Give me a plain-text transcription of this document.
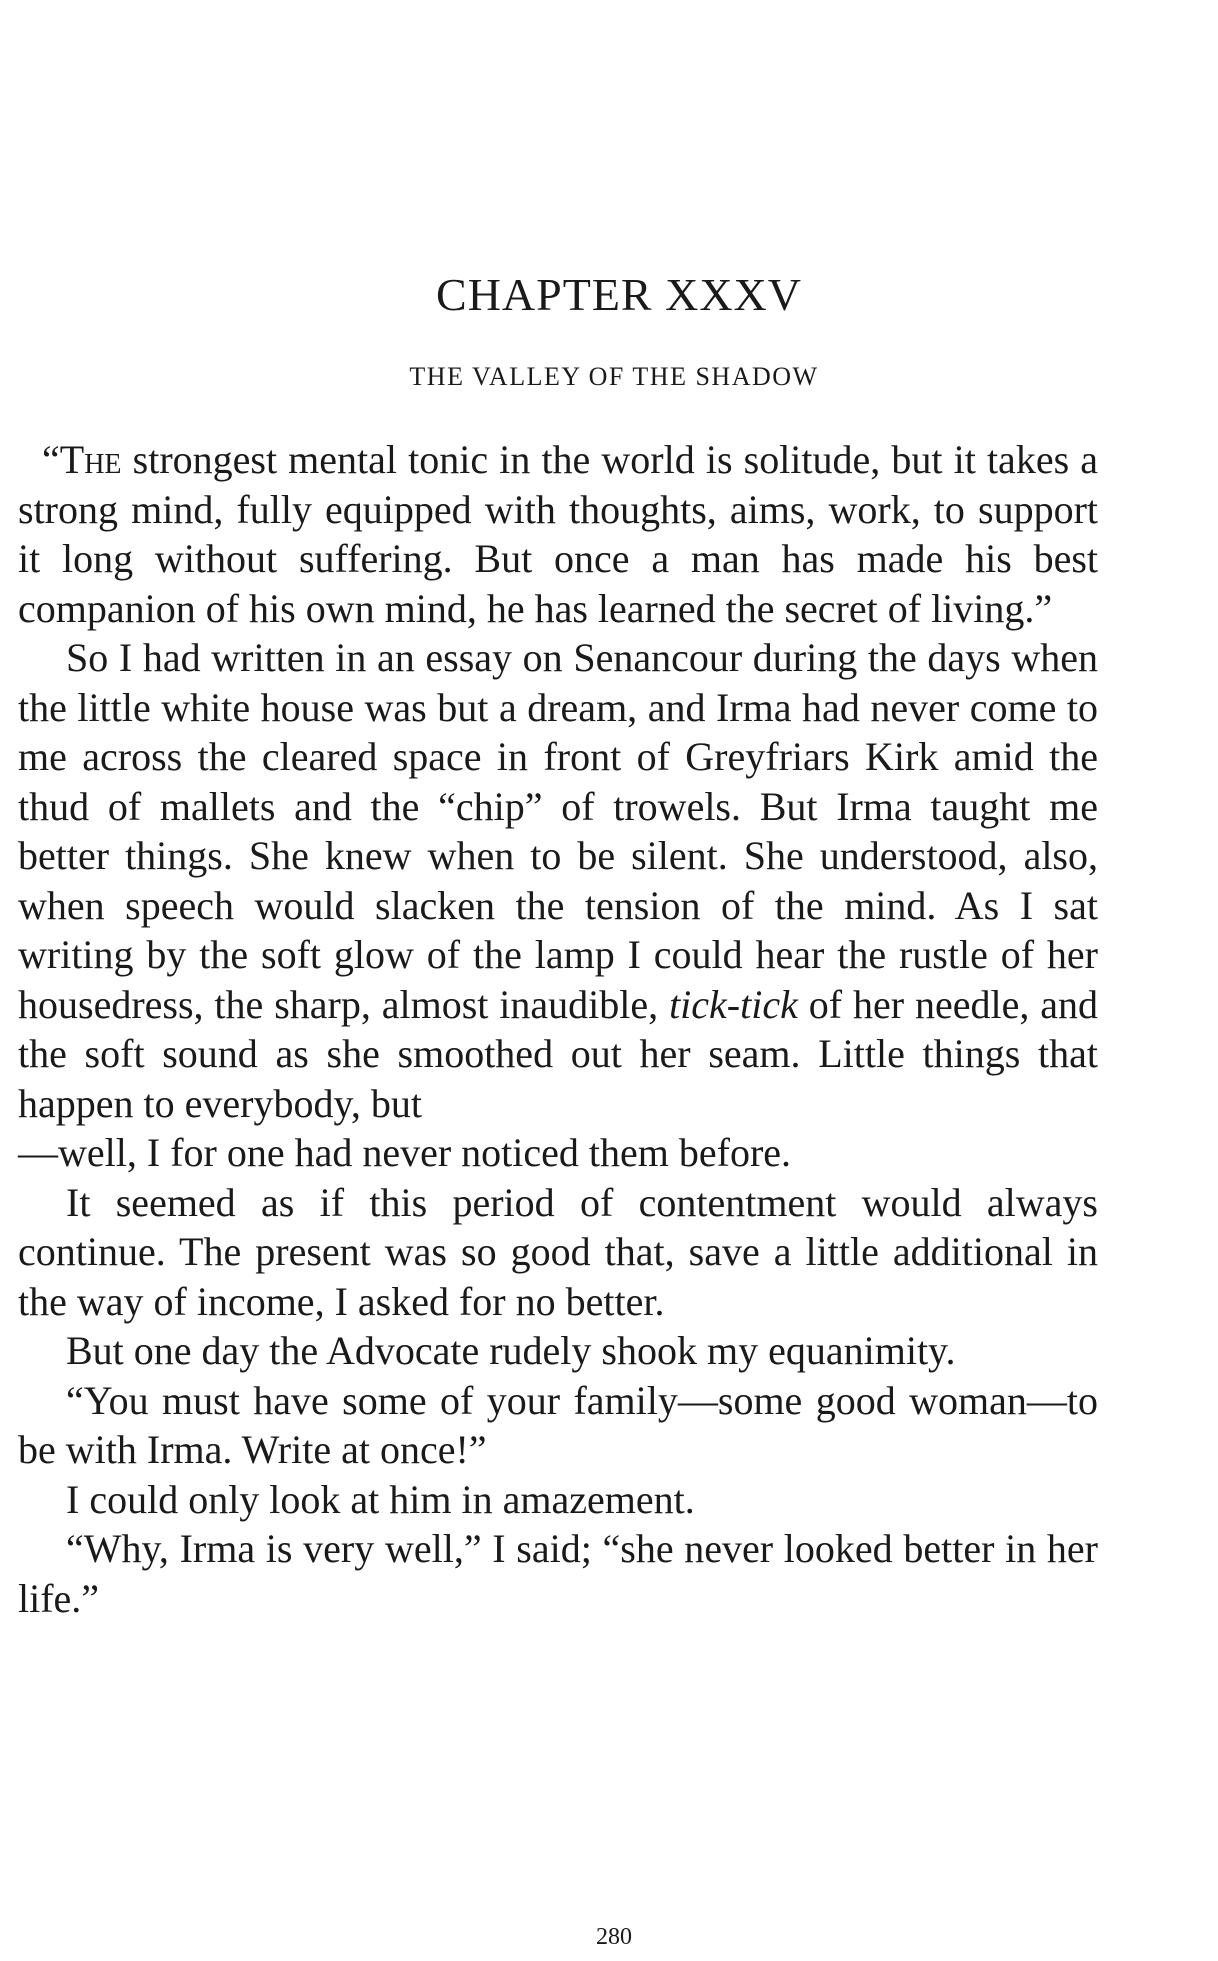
CHAPTER XXXV
THE VALLEY OF THE SHADOW

“The strongest mental tonic in the world is solitude, but it takes a strong mind, fully equipped with thoughts, aims, work, to support it long without suffering. But once a man has made his best companion of his own mind, he has learned the secret of living.”

So I had written in an essay on Senancour during the days when the little white house was but a dream, and Irma had never come to me across the cleared space in front of Greyfriars Kirk amid the thud of mallets and the “chip” of trowels. But Irma taught me better things. She knew when to be silent. She understood, also, when speech would slacken the tension of the mind. As I sat writing by the soft glow of the lamp I could hear the rustle of her housedress, the sharp, almost inaudible, tick-tick of her needle, and the soft sound as she smoothed out her seam. Little things that happen to everybody, but

—well, I for one had never noticed them before.

It seemed as if this period of contentment would always continue. The present was so good that, save a little additional in the way of income, I asked for no better.

But one day the Advocate rudely shook my equanimity.

“You must have some of your family—some good woman—to be with Irma. Write at once!”

I could only look at him in amazement.

“Why, Irma is very well,” I said; “she never looked better in her life.”

280
